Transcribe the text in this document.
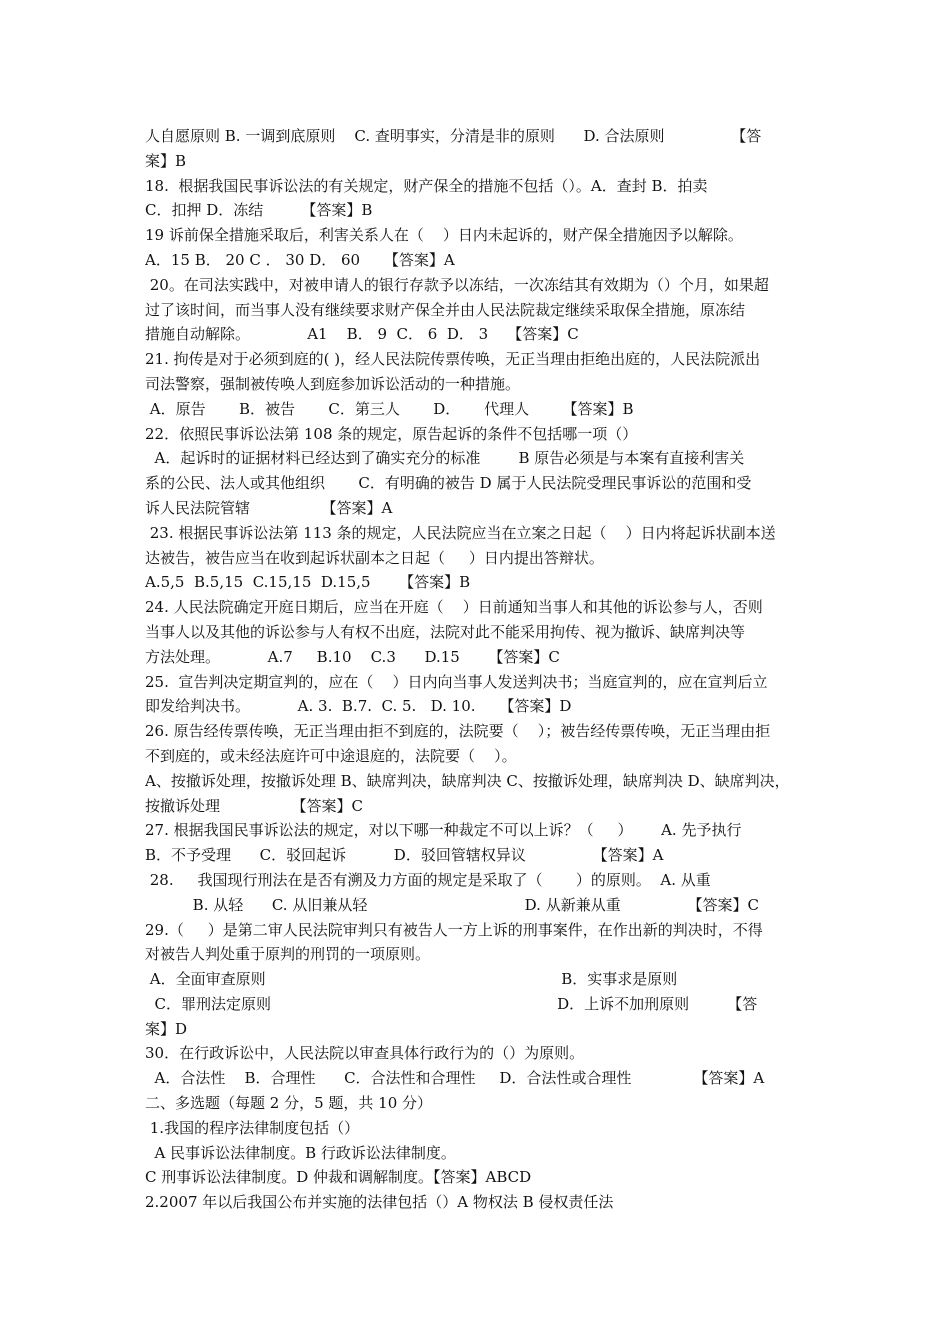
人自愿原则 B. 一调到底原则    C. 查明事实，分清是非的原则      D. 合法原则              【答
案】B
18.  根据我国民事诉讼法的有关规定，财产保全的措施不包括（）。A．查封 B．拍卖
C．扣押 D．冻结        【答案】B
19 诉前保全措施采取后，利害关系人在（    ）日内未起诉的，财产保全措施因予以解除。
A．15 B． 20 C ． 30 D． 60     【答案】A
20。在司法实践中，对被申请人的银行存款予以冻结，一次冻结其有效期为（）个月，如果超
过了该时间，而当事人没有继续要求财产保全并由人民法院裁定继续采取保全措施，原冻结
措施自动解除。            A1    B． 9  C． 6  D． 3    【答案】C
21. 拘传是对于必须到庭的( )，经人民法院传票传唤，无正当理由拒绝出庭的，人民法院派出
司法警察，强制被传唤人到庭参加诉讼活动的一种措施。
A．原告       B．被告       C．第三人       D．     代理人       【答案】B
22．依照民事诉讼法第 108 条的规定，原告起诉的条件不包括哪一项（）
A．起诉时的证据材料已经达到了确实充分的标准        B 原告必须是与本案有直接利害关
系的公民、法人或其他组织       C．有明确的被告 D 属于人民法院受理民事诉讼的范围和受
诉人民法院管辖               【答案】A
23. 根据民事诉讼法第 113 条的规定，人民法院应当在立案之日起（    ）日内将起诉状副本送
达被告，被告应当在收到起诉状副本之日起（     ）日内提出答辩状。
A.5,5  B.5,15  C.15,15  D.15,5      【答案】B
24. 人民法院确定开庭日期后，应当在开庭（    ）日前通知当事人和其他的诉讼参与人，否则
当事人以及其他的诉讼参与人有权不出庭，法院对此不能采用拘传、视为撤诉、缺席判决等
方法处理。          A.7     B.10    C.3      D.15      【答案】C
25.  宣告判决定期宣判的，应在（    ）日内向当事人发送判决书；当庭宣判的，应在宣判后立
即发给判决书。          A. 3.  B.7.  C. 5.   D. 10.     【答案】D
26. 原告经传票传唤，无正当理由拒不到庭的，法院要（    ）；被告经传票传唤，无正当理由拒
不到庭的，或未经法庭许可中途退庭的，法院要（    ）。
A、按撤诉处理，按撤诉处理 B、缺席判决，缺席判决 C、按撤诉处理，缺席判决 D、缺席判决，
按撤诉处理               【答案】C
27. 根据我国民事诉讼法的规定，对以下哪一种裁定不可以上诉？（     ）      A. 先予执行
B．不予受理      C．驳回起诉          D．驳回管辖权异议              【答案】A
28.     我国现行刑法在是否有溯及力方面的规定是采取了（       ）的原则。  A. 从重
B. 从轻      C. 从旧兼从轻                                 D. 从新兼从重              【答案】C
29.（     ）是第二审人民法院审判只有被告人一方上诉的刑事案件，在作出新的判决时，不得
对被告人判处重于原判的刑罚的一项原则。
A．全面审查原则                                                              B．实事求是原则
C．罪刑法定原则                                                            D．上诉不加刑原则        【答
案】D
30．在行政诉讼中，人民法院以审查具体行政行为的（）为原则。
A．合法性    B．合理性      C．合法性和合理性     D．合法性或合理性             【答案】A
二、多选题（每题 2 分，5 题，共 10 分）
1.我国的程序法律制度包括（）
A 民事诉讼法律制度。B 行政诉讼法律制度。
C 刑事诉讼法律制度。D 仲裁和调解制度。【答案】ABCD
2.2007 年以后我国公布并实施的法律包括（）A 物权法 B 侵权责任法
